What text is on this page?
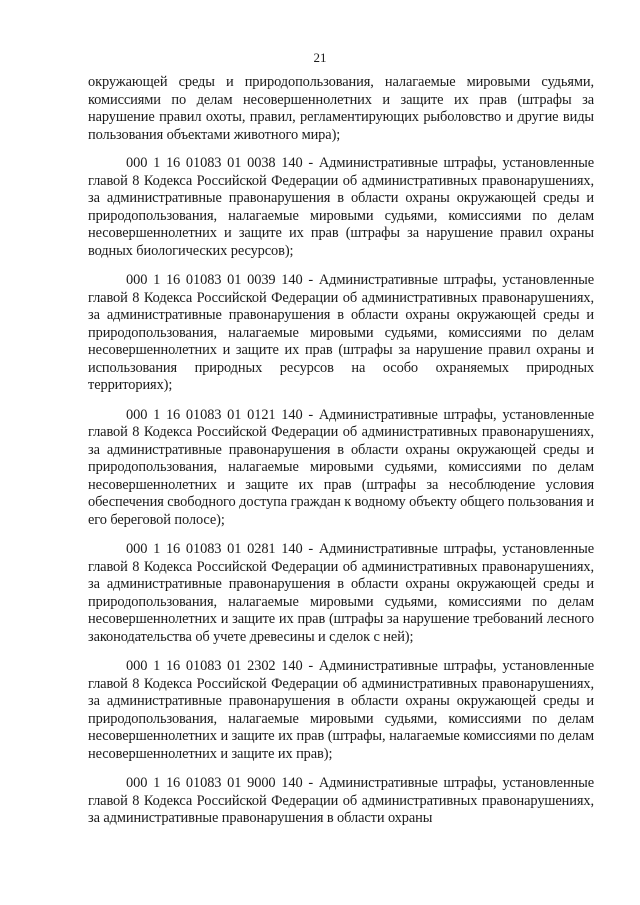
21

окружающей среды и природопользования, налагаемые мировыми судьями, комиссиями по делам несовершеннолетних и защите их прав (штрафы за нарушение правил охоты, правил, регламентирующих рыболовство и другие виды пользования объектами животного мира);

000 1 16 01083 01 0038 140 - Административные штрафы, установленные главой 8 Кодекса Российской Федерации об административных правонарушениях, за административные правонарушения в области охраны окружающей среды и природопользования, налагаемые мировыми судьями, комиссиями по делам несовершеннолетних и защите их прав (штрафы за нарушение правил охраны водных биологических ресурсов);

000 1 16 01083 01 0039 140 - Административные штрафы, установленные главой 8 Кодекса Российской Федерации об административных правонарушениях, за административные правонарушения в области охраны окружающей среды и природопользования, налагаемые мировыми судьями, комиссиями по делам несовершеннолетних и защите их прав (штрафы за нарушение правил охраны и использования природных ресурсов на особо охраняемых природных территориях);

000 1 16 01083 01 0121 140 - Административные штрафы, установленные главой 8 Кодекса Российской Федерации об административных правонарушениях, за административные правонарушения в области охраны окружающей среды и природопользования, налагаемые мировыми судьями, комиссиями по делам несовершеннолетних и защите их прав (штрафы за несоблюдение условия обеспечения свободного доступа граждан к водному объекту общего пользования и его береговой полосе);

000 1 16 01083 01 0281 140 - Административные штрафы, установленные главой 8 Кодекса Российской Федерации об административных правонарушениях, за административные правонарушения в области охраны окружающей среды и природопользования, налагаемые мировыми судьями, комиссиями по делам несовершеннолетних и защите их прав (штрафы за нарушение требований лесного законодательства об учете древесины и сделок с ней);

000 1 16 01083 01 2302 140 - Административные штрафы, установленные главой 8 Кодекса Российской Федерации об административных правонарушениях, за административные правонарушения в области охраны окружающей среды и природопользования, налагаемые мировыми судьями, комиссиями по делам несовершеннолетних и защите их прав (штрафы, налагаемые комиссиями по делам несовершеннолетних и защите их прав);

000 1 16 01083 01 9000 140 - Административные штрафы, установленные главой 8 Кодекса Российской Федерации об административных правонарушениях, за административные правонарушения в области охраны
